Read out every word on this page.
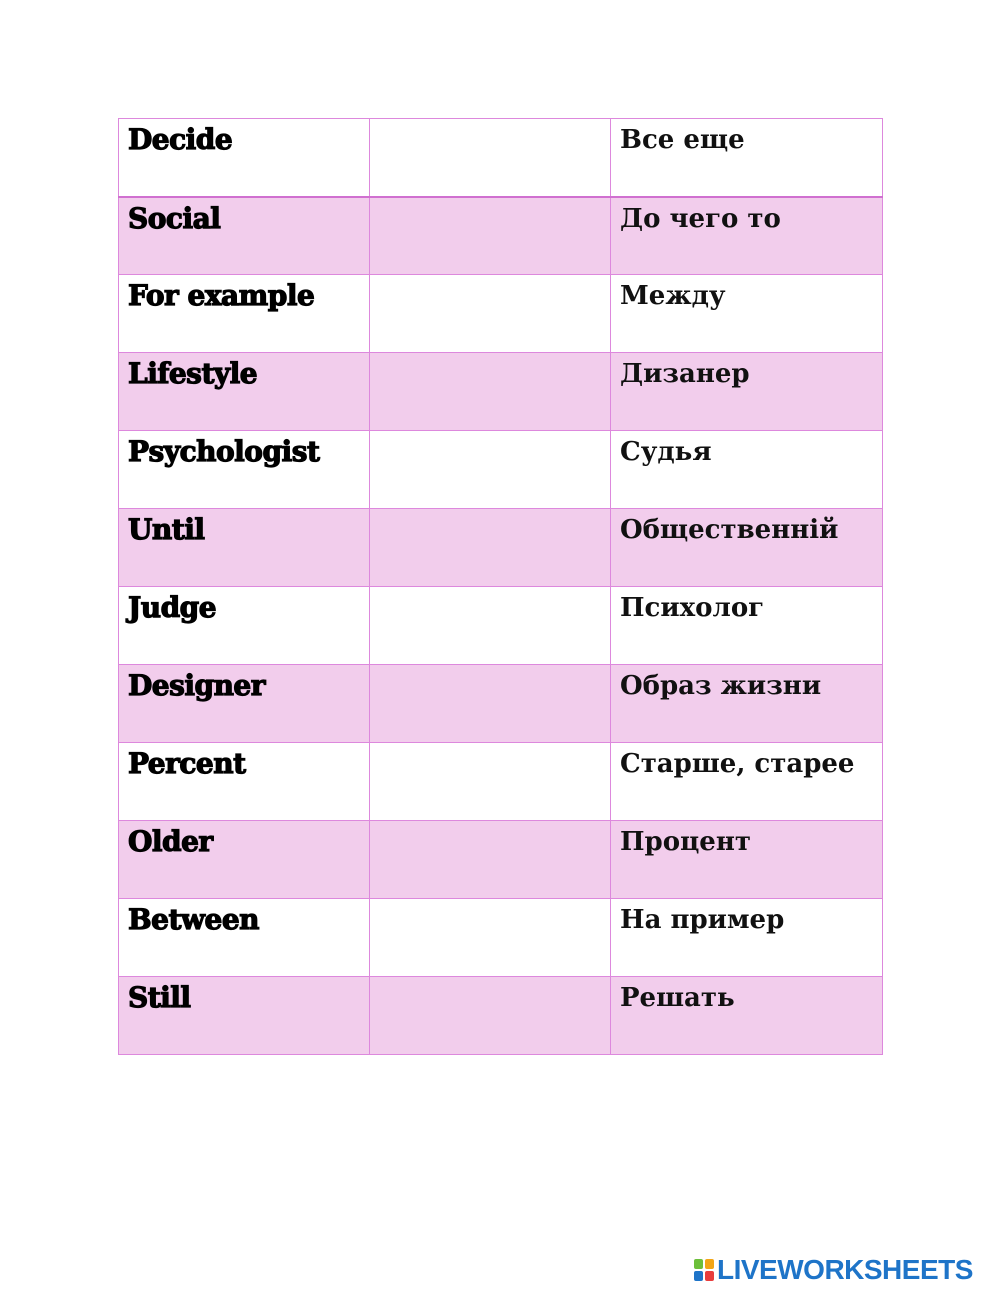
Decide		Все еще

Social		До чего то

For example		Между

Lifestyle		Дизанер

Psychologist		Судья

Until		Общественній

Judge		Психолог

Designer		Образ жизни

Percent		Старше, старее

Older		Процент

Between		На пример

Still		Решать
LIVEWORKSHEETS
